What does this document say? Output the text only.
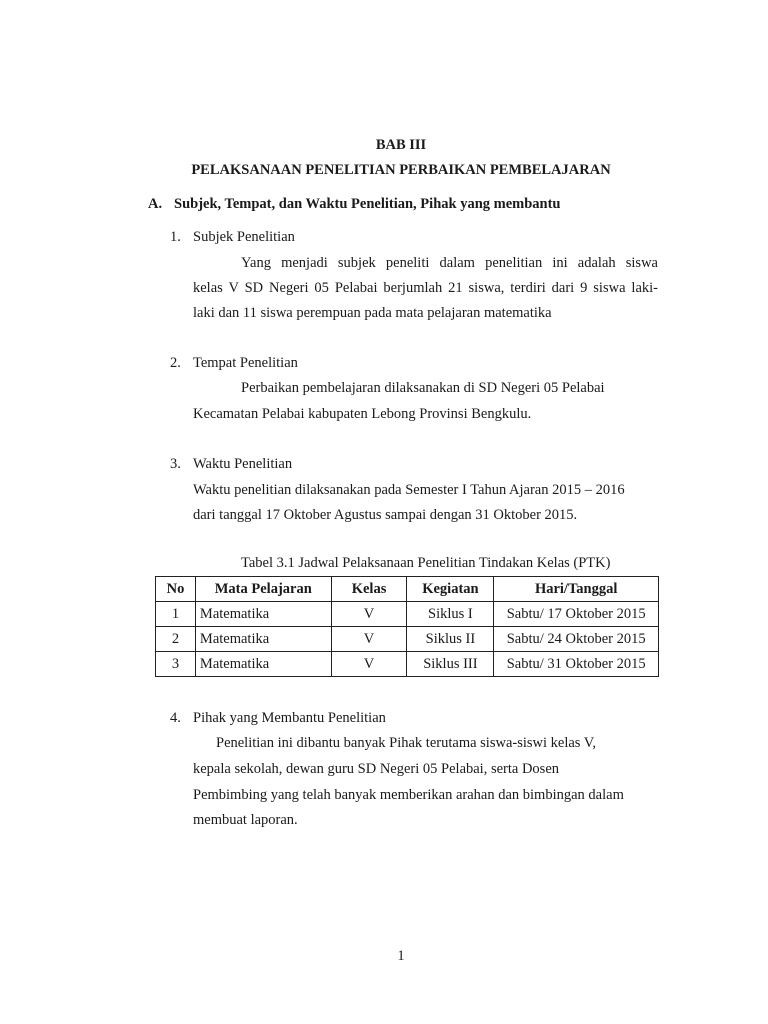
BAB III
PELAKSANAAN PENELITIAN PERBAIKAN PEMBELAJARAN
A. Subjek, Tempat, dan Waktu Penelitian, Pihak yang membantu
1. Subjek Penelitian
Yang menjadi subjek peneliti dalam penelitian ini adalah siswa
kelas V SD Negeri 05 Pelabai berjumlah 21 siswa, terdiri dari 9 siswa laki-
laki dan 11 siswa perempuan pada mata pelajaran matematika
2. Tempat Penelitian
Perbaikan pembelajaran dilaksanakan di SD Negeri 05 Pelabai
Kecamatan Pelabai kabupaten Lebong Provinsi Bengkulu.
3. Waktu Penelitian
Waktu penelitian dilaksanakan pada Semester I Tahun Ajaran 2015 – 2016
dari tanggal 17 Oktober Agustus sampai dengan 31 Oktober 2015.
Tabel 3.1 Jadwal Pelaksanaan Penelitian Tindakan Kelas (PTK)
No	Mata Pelajaran	Kelas	Kegiatan	Hari/Tanggal
1	Matematika	V	Siklus I	Sabtu/ 17 Oktober 2015
2	Matematika	V	Siklus II	Sabtu/ 24 Oktober 2015
3	Matematika	V	Siklus III	Sabtu/ 31 Oktober 2015
4. Pihak yang Membantu Penelitian
Penelitian ini dibantu banyak Pihak terutama siswa-siswi kelas V,
kepala sekolah, dewan guru SD Negeri 05 Pelabai, serta Dosen
Pembimbing yang telah banyak memberikan arahan dan bimbingan dalam
membuat laporan.
1
